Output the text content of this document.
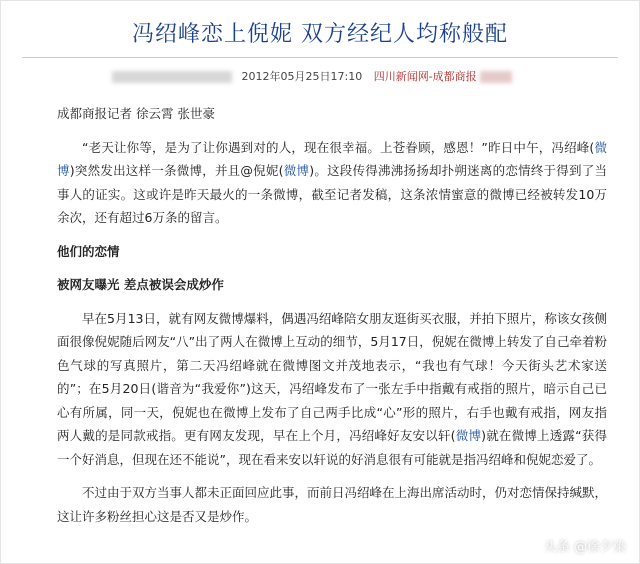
冯绍峰恋上倪妮 双方经纪人均称般配
2012年05月25日17:10 四川新闻网-成都商报

成都商报记者 徐云霄 张世豪

“老天让你等，是为了让你遇到对的人，现在很幸福。上苍眷顾，感恩！”昨日中午，冯绍峰(微博)突然发出这样一条微博，并且@倪妮(微博)。这段传得沸沸扬扬却扑朔迷离的恋情终于得到了当事人的证实。这或许是昨天最火的一条微博，截至记者发稿，这条浓情蜜意的微博已经被转发10万余次，还有超过6万条的留言。

他们的恋情
被网友曝光 差点被误会成炒作

早在5月13日，就有网友微博爆料，偶遇冯绍峰陪女朋友逛街买衣服，并拍下照片，称该女孩侧面很像倪妮随后网友“八”出了两人在微博上互动的细节，5月17日，倪妮在微博上转发了自己牵着粉色气球的写真照片，第二天冯绍峰就在微博图文并茂地表示，“我也有气球！今天街头艺术家送的”；在5月20日(谐音为“我爱你”)这天，冯绍峰发布了一张左手中指戴有戒指的照片，暗示自己已心有所属，同一天，倪妮也在微博上发布了自己两手比成“心”形的照片，右手也戴有戒指，网友指两人戴的是同款戒指。更有网友发现，早在上个月，冯绍峰好友安以轩(微博)就在微博上透露“获得一个好消息，但现在还不能说”，现在看来安以轩说的好消息很有可能就是指冯绍峰和倪妮恋爱了。

不过由于双方当事人都未正面回应此事，而前日冯绍峰在上海出席活动时，仍对恋情保持缄默，这让许多粉丝担心这是否又是炒作。

头条 @徐夕染
